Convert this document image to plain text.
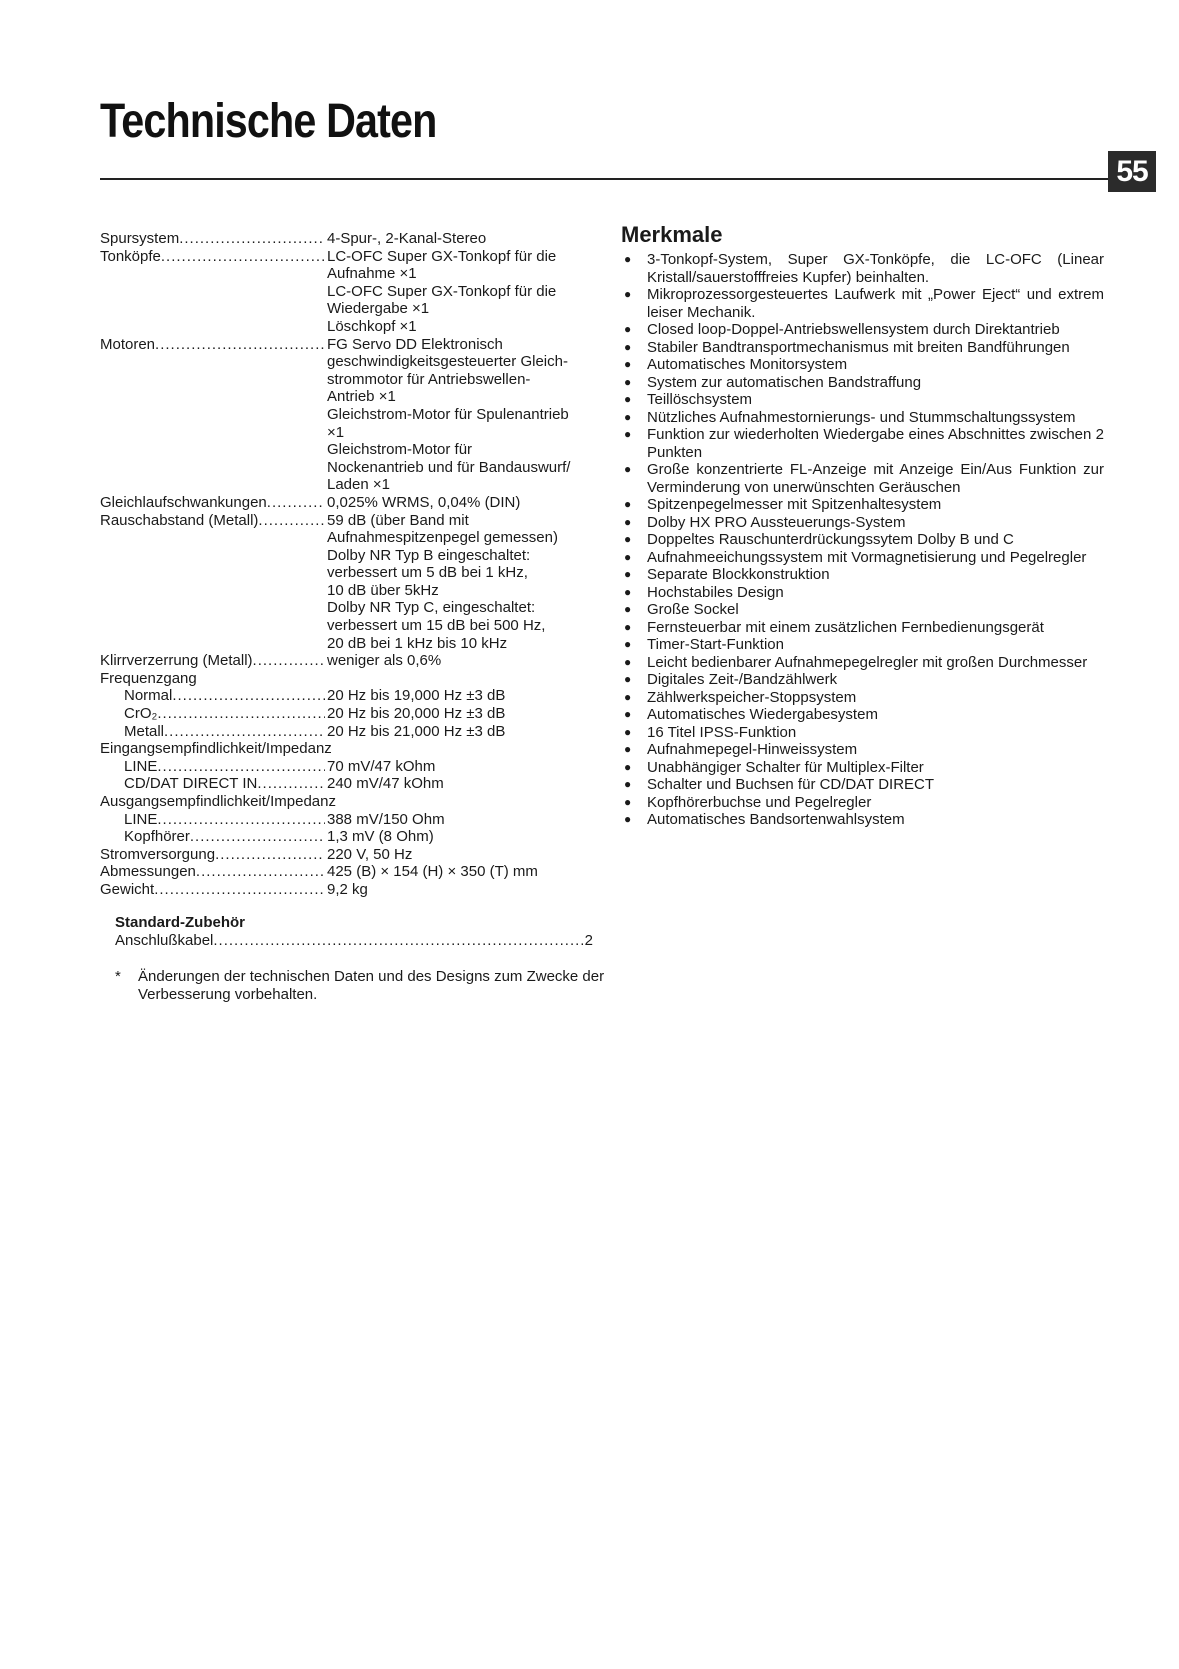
Technische Daten
55
Spursystem .....	4-Spur-, 2-Kanal-Stereo
Tonköpfe .....	LC-OFC Super GX-Tonkopf für die
Aufnahme ×1
LC-OFC Super GX-Tonkopf für die
Wiedergabe ×1
Löschkopf ×1
Motoren .....	FG Servo DD Elektronisch
geschwindigkeitsgesteuerter Gleich-
strommotor für Antriebswellen-
Antrieb ×1
Gleichstrom-Motor für Spulenantrieb
×1
Gleichstrom-Motor für
Nockenantrieb und für Bandauswurf/
Laden ×1
Gleichlaufschwankungen .....	0,025% WRMS, 0,04% (DIN)
Rauschabstand (Metall) .....	59 dB (über Band mit
Aufnahmespitzenpegel gemessen)
Dolby NR Typ B eingeschaltet:
verbessert um 5 dB bei 1 kHz,
10 dB über 5kHz
Dolby NR Typ C, eingeschaltet:
verbessert um 15 dB bei 500 Hz,
20 dB bei 1 kHz bis 10 kHz
Klirrverzerrung (Metall) .....	weniger als 0,6%
Frequenzgang
Normal .....	20 Hz bis 19,000 Hz ±3 dB
CrO₂ .....	20 Hz bis 20,000 Hz ±3 dB
Metall .....	20 Hz bis 21,000 Hz ±3 dB
Eingangsempfindlichkeit/Impedanz
LINE .....	70 mV/47 kOhm
CD/DAT DIRECT IN .....	240 mV/47 kOhm
Ausgangsempfindlichkeit/Impedanz
LINE .....	388 mV/150 Ohm
Kopfhörer .....	1,3 mV (8 Ohm)
Stromversorgung .....	220 V, 50 Hz
Abmessungen .....	425 (B) × 154 (H) × 350 (T) mm
Gewicht .....	9,2 kg
Standard-Zubehör
Anschlußkabel .....	2
*	Änderungen der technischen Daten und des Designs zum Zwecke der Verbesserung vorbehalten.
Merkmale
●	3-Tonkopf-System, Super GX-Tonköpfe, die LC-OFC (Linear Kristall/sauerstofffreies Kupfer) beinhalten.
●	Mikroprozessorgesteuertes Laufwerk mit „Power Eject“ und extrem leiser Mechanik.
●	Closed loop-Doppel-Antriebswellensystem durch Direktantrieb
●	Stabiler Bandtransportmechanismus mit breiten Bandführungen
●	Automatisches Monitorsystem
●	System zur automatischen Bandstraffung
●	Teillöschsystem
●	Nützliches Aufnahmestornierungs- und Stummschaltungssystem
●	Funktion zur wiederholten Wiedergabe eines Abschnittes zwischen 2 Punkten
●	Große konzentrierte FL-Anzeige mit Anzeige Ein/Aus Funktion zur Verminderung von unerwünschten Geräuschen
●	Spitzenpegelmesser mit Spitzenhaltesystem
●	Dolby HX PRO Aussteuerungs-System
●	Doppeltes Rauschunterdrückungssytem Dolby B und C
●	Aufnahmeeichungssystem mit Vormagnetisierung und Pegelregler
●	Separate Blockkonstruktion
●	Hochstabiles Design
●	Große Sockel
●	Fernsteuerbar mit einem zusätzlichen Fernbedienungsgerät
●	Timer-Start-Funktion
●	Leicht bedienbarer Aufnahmepegelregler mit großen Durchmesser
●	Digitales Zeit-/Bandzählwerk
●	Zählwerkspeicher-Stoppsystem
●	Automatisches Wiedergabesystem
●	16 Titel IPSS-Funktion
●	Aufnahmepegel-Hinweissystem
●	Unabhängiger Schalter für Multiplex-Filter
●	Schalter und Buchsen für CD/DAT DIRECT
●	Kopfhörerbuchse und Pegelregler
●	Automatisches Bandsortenwahlsystem
